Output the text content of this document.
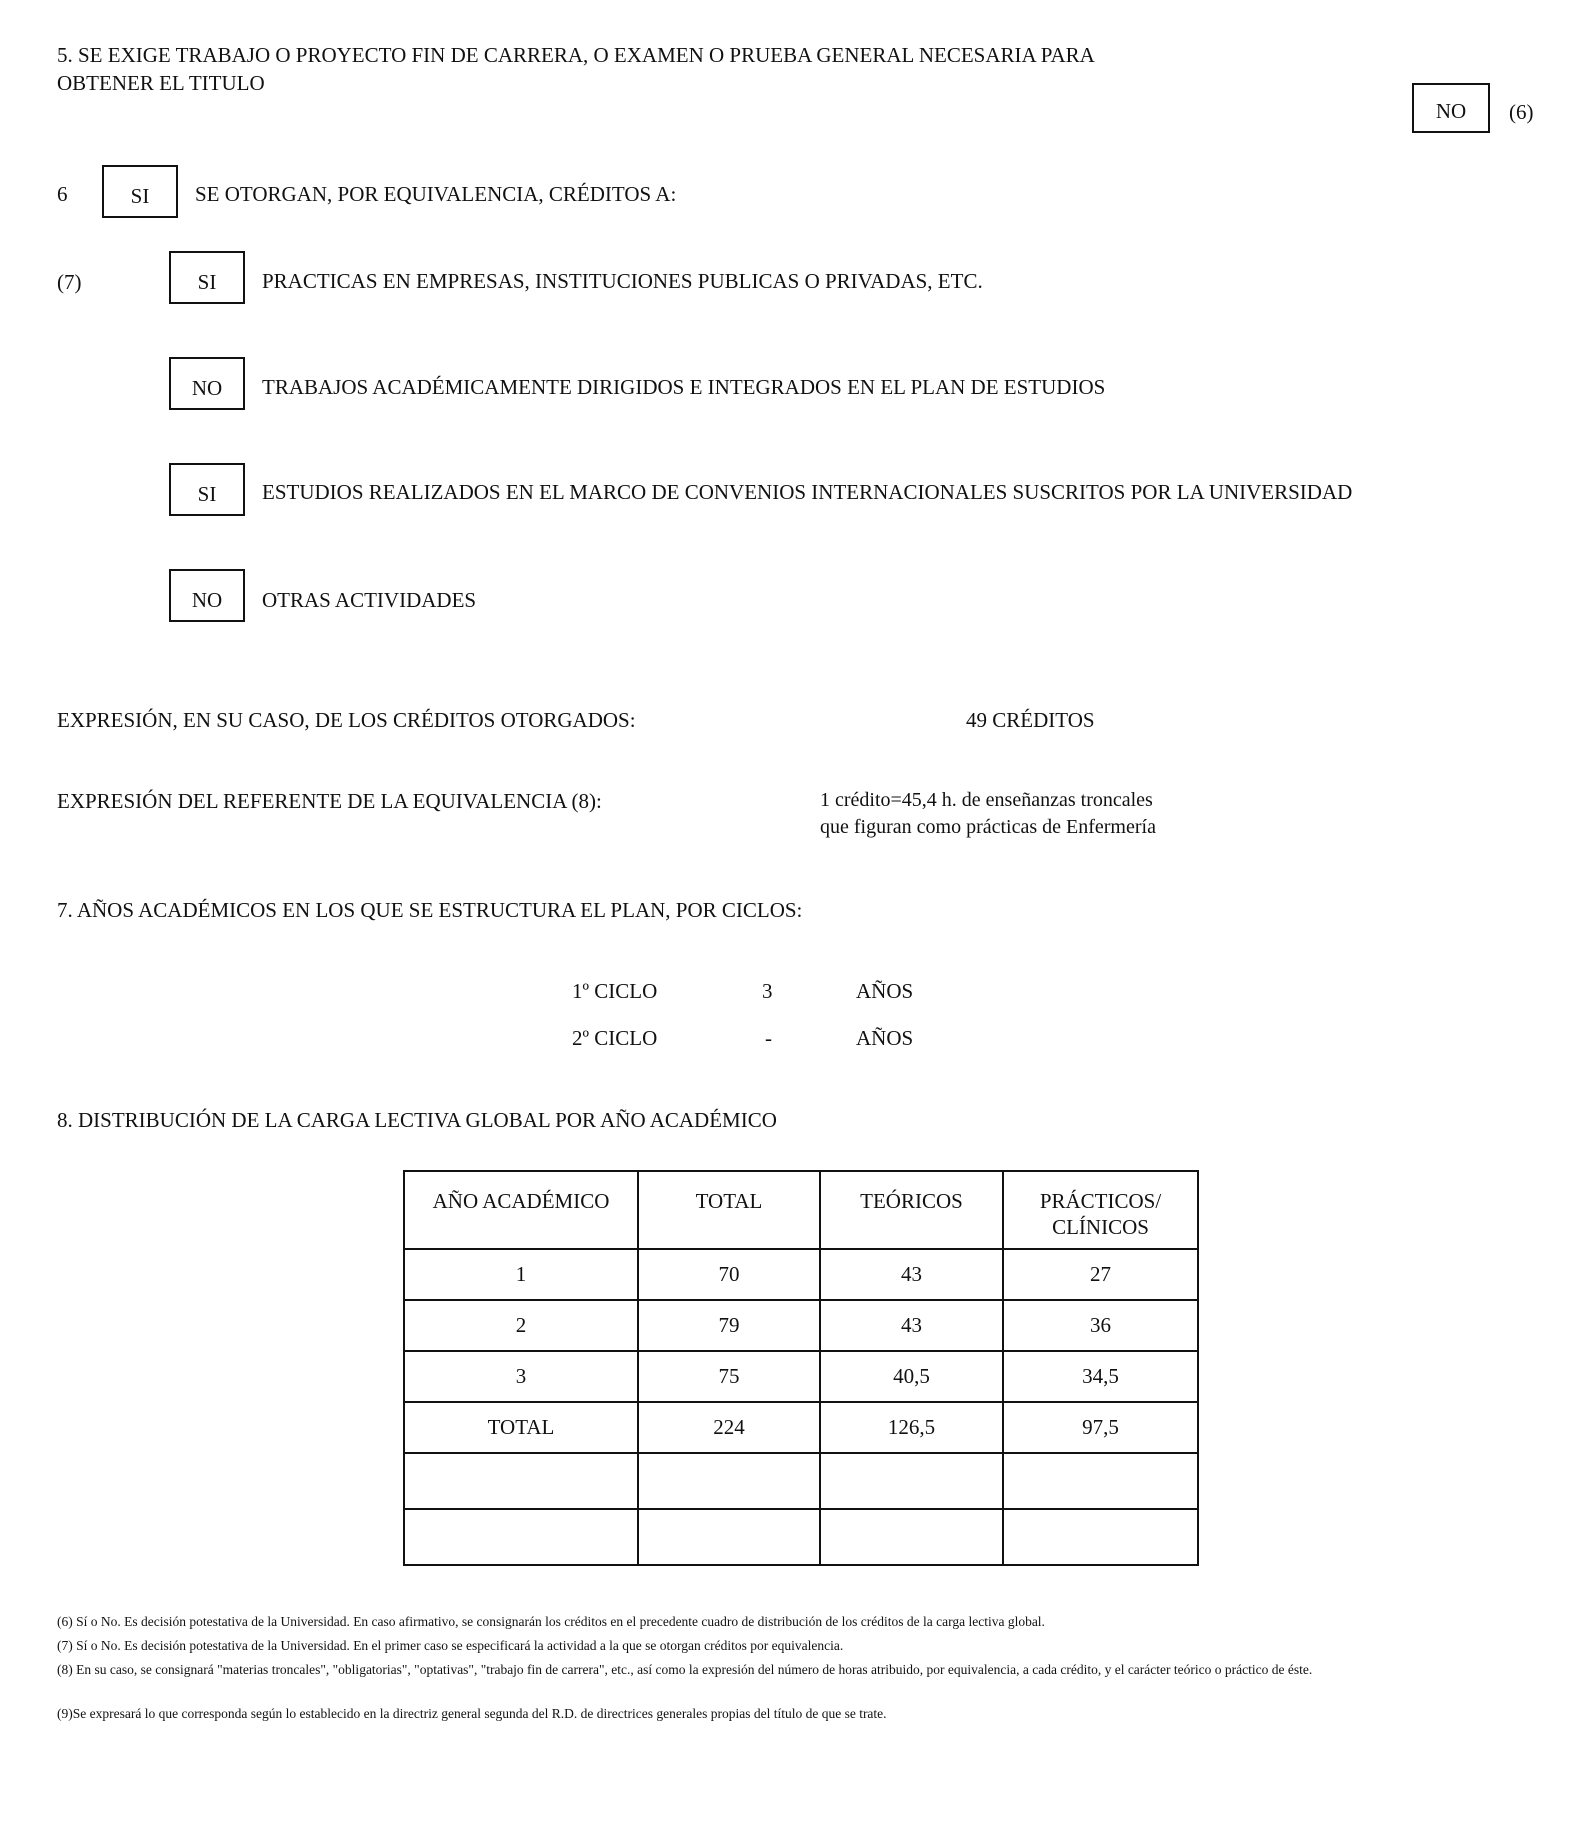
5. SE EXIGE TRABAJO O PROYECTO FIN DE CARRERA, O EXAMEN O PRUEBA GENERAL NECESARIA PARA
OBTENER EL TITULO
NO	(6)
6	SI	SE OTORGAN, POR EQUIVALENCIA, CRÉDITOS A:
(7)	SI	PRACTICAS EN EMPRESAS, INSTITUCIONES PUBLICAS O PRIVADAS, ETC.
NO	TRABAJOS ACADÉMICAMENTE DIRIGIDOS E INTEGRADOS EN EL PLAN DE ESTUDIOS
SI	ESTUDIOS REALIZADOS EN EL MARCO DE CONVENIOS INTERNACIONALES SUSCRITOS POR LA UNIVERSIDAD
NO	OTRAS ACTIVIDADES
EXPRESIÓN, EN SU CASO, DE LOS CRÉDITOS OTORGADOS:	49 CRÉDITOS
EXPRESIÓN DEL REFERENTE DE LA EQUIVALENCIA (8):	1 crédito=45,4 h. de enseñanzas troncales
que figuran como prácticas de Enfermería
7. AÑOS ACADÉMICOS EN LOS QUE SE ESTRUCTURA EL PLAN, POR CICLOS:
1º CICLO	3	AÑOS
2º CICLO	-	AÑOS
8. DISTRIBUCIÓN DE LA CARGA LECTIVA GLOBAL POR AÑO ACADÉMICO
AÑO ACADÉMICO	TOTAL	TEÓRICOS	PRÁCTICOS/
CLÍNICOS

1	70	43	27
2	79	43	36
3	75	40,5	34,5
TOTAL	224	126,5	97,5

(6) Sí o No. Es decisión potestativa de la Universidad. En caso afirmativo, se consignarán los créditos en el precedente cuadro de distribución de los créditos de la carga lectiva global.
(7) Sí o No. Es decisión potestativa de la Universidad. En el primer caso se especificará la actividad a la que se otorgan créditos por equivalencia.
(8) En su caso, se consignará "materias troncales", "obligatorias", "optativas", "trabajo fin de carrera", etc., así como la expresión del número de horas atribuido, por equivalencia, a cada crédito, y el carácter teórico o práctico de éste.
(9)Se expresará lo que corresponda según lo establecido en la directriz general segunda del R.D. de directrices generales propias del título de que se trate.
